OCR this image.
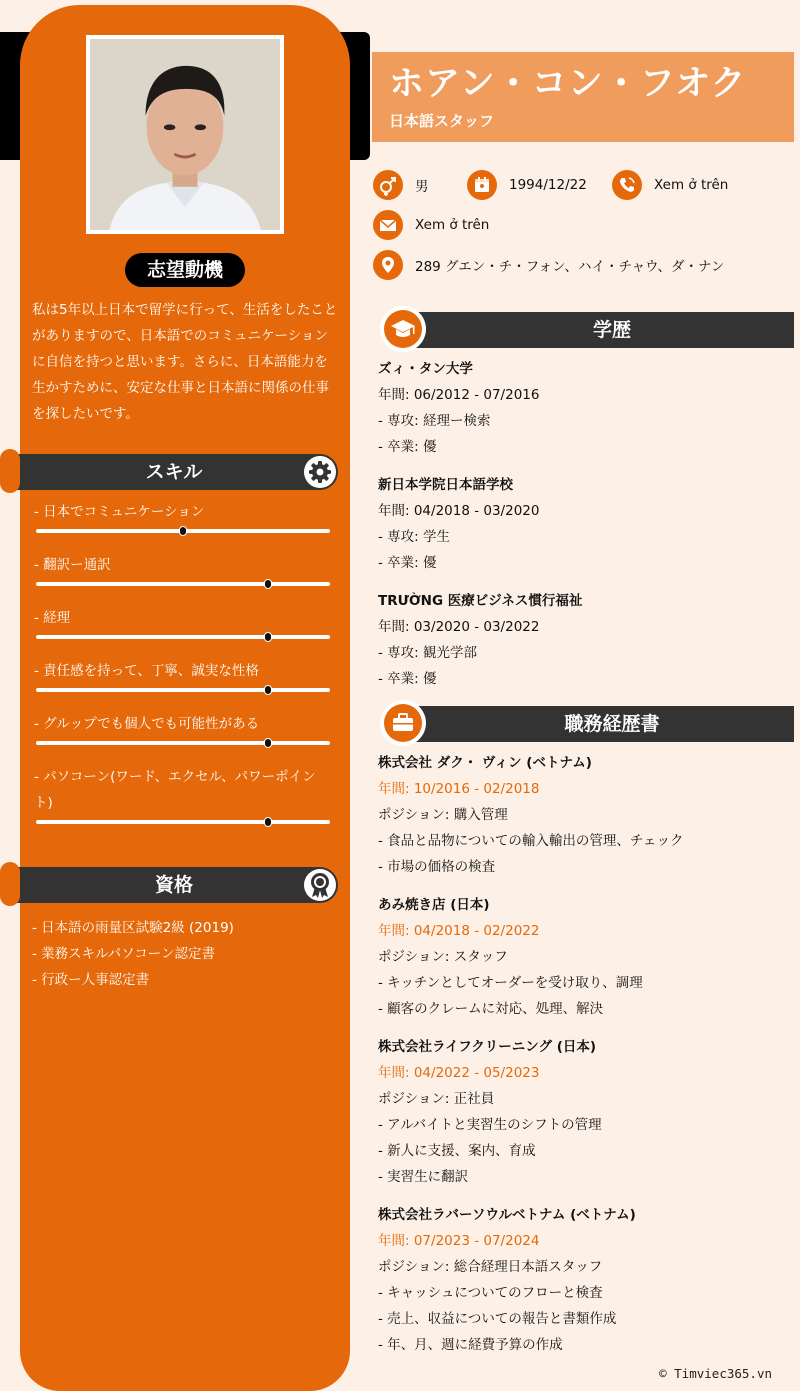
志望動機
私は5年以上日本で留学に行って、生活をしたことがありますので、日本語でのコミュニケーションに自信を持つと思います。さらに、日本語能力を生かすために、安定な仕事と日本語に関係の仕事を探したいです。
スキル
- 日本でコミュニケーション
- 翻訳ー通訳
- 経理
- 責任感を持って、丁寧、誠実な性格
- グルップでも個人でも可能性がある
- パソコーン(ワード、エクセル、パワーポイント)
資格
- 日本語の雨量区試験2級 (2019)
- 業務スキルパソコーン認定書
- 行政ー人事認定書
ホアン・コン・フオク
日本語スタッフ
男	1994/12/22	Xem ở trên
Xem ở trên
289 グエン・チ・フォン、ハイ・チャウ、ダ・ナン
学歴
ズィ・タン大学
年間: 06/2012 - 07/2016
- 専攻: 経理ー検索
- 卒業: 優
新日本学院日本語学校
年間: 04/2018 - 03/2020
- 専攻: 学生
- 卒業: 優
TRƯỜNG 医療ビジネス慣行福祉
年間: 03/2020 - 03/2022
- 専攻: 観光学部
- 卒業: 優
職務経歴書
株式会社 ダク・ ヴィン (ベトナム)
年間: 10/2016 - 02/2018
ポジション: 購入管理
- 食品と品物についての輸入輸出の管理、チェック
- 市場の価格の検査
あみ焼き店 (日本)
年間: 04/2018 - 02/2022
ポジション: スタッフ
- キッチンとしてオーダーを受け取り、調理
- 顧客のクレームに対応、処理、解決
株式会社ライフクリーニング (日本)
年間: 04/2022 - 05/2023
ポジション: 正社員
- アルバイトと実習生のシフトの管理
- 新人に支援、案内、育成
- 実習生に翻訳
株式会社ラバーソウルベトナム (ベトナム)
年間: 07/2023 - 07/2024
ポジション: 総合経理日本語スタッフ
- キャッシュについてのフローと検査
- 売上、収益についての報告と書類作成
- 年、月、週に経費予算の作成
© Timviec365.vn
